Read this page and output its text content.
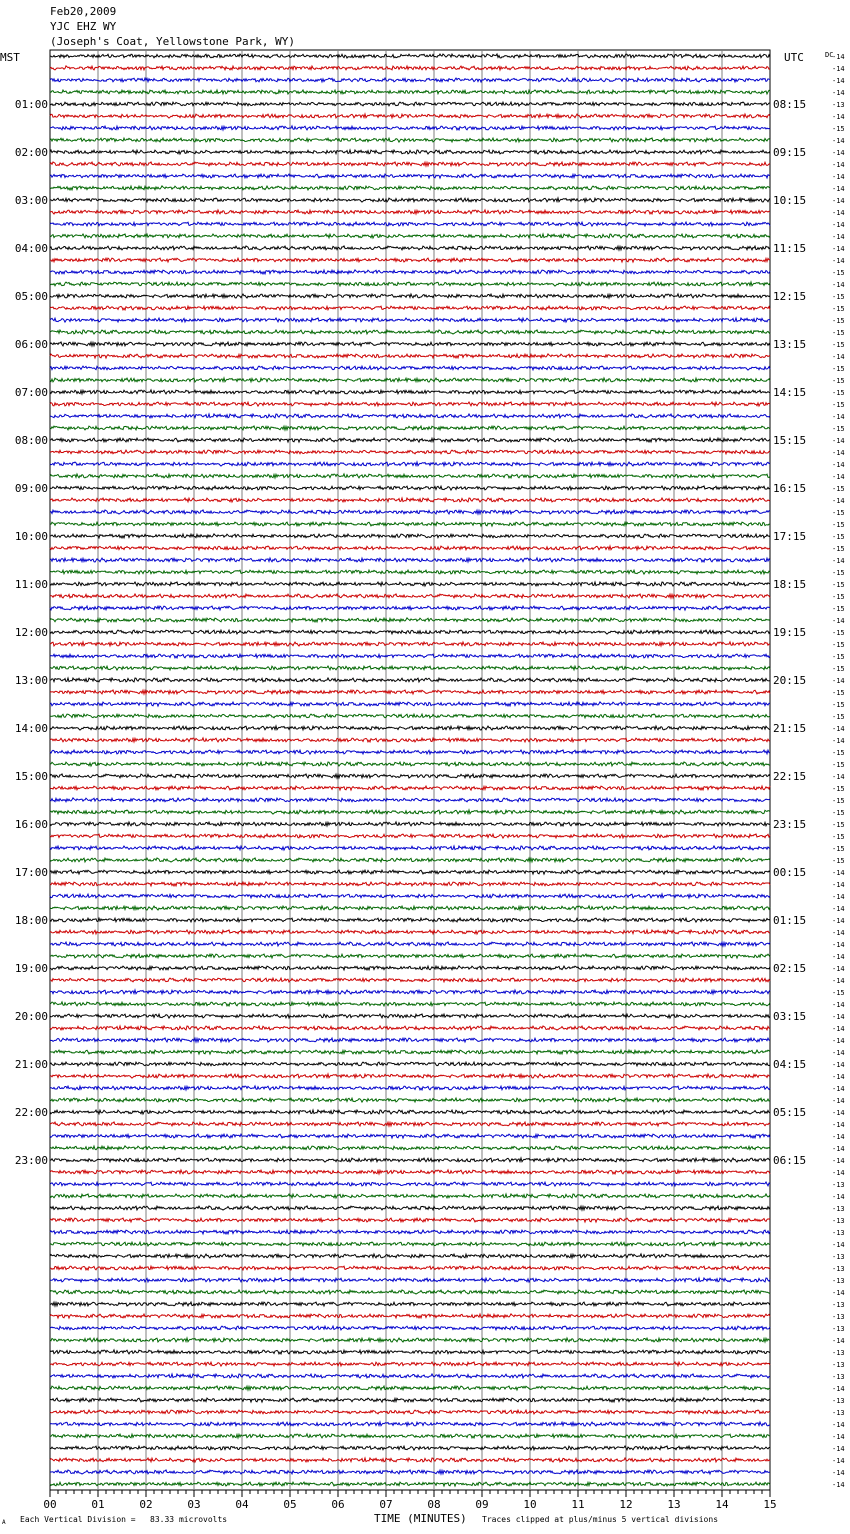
Feb20,2009
YJC EHZ WY
(Joseph's Coat, Yellowstone Park, WY)
01:00
02:00
03:00
04:00
05:00
06:00
07:00
08:00
09:00
10:00
11:00
12:00
13:00
14:00
15:00
16:00
17:00
18:00
19:00
20:00
21:00
22:00
23:00
08:15
09:15
10:15
11:15
12:15
13:15
14:15
15:15
16:15
17:15
18:15
19:15
20:15
21:15
22:15
23:15
00:15
01:15
02:15
03:15
04:15
05:15
06:15
-14
-14
-14
-14
-13
-14
-15
-14
-14
-14
-14
-14
-14
-14
-14
-14
-14
-14
-15
-14
-15
-15
-15
-15
-15
-14
-15
-15
-15
-15
-14
-15
-14
-14
-14
-14
-15
-14
-15
-15
-15
-15
-14
-15
-15
-15
-15
-14
-15
-15
-15
-15
-14
-15
-15
-15
-14
-14
-15
-15
-14
-15
-15
-15
-15
-15
-15
-15
-14
-14
-14
-14
-14
-14
-14
-14
-14
-14
-15
-14
-14
-14
-14
-14
-14
-14
-14
-14
-14
-14
-14
-14
-14
-14
-13
-14
-13
-13
-13
-14
-13
-13
-13
-14
-13
-13
-13
-14
-13
-13
-13
-14
-13
-13
-14
-14
-14
-14
-14
-14
00	01	02	03	04	05	06	07	08	09	10	11	12	13	14	15
MST	UTC	DC
A Each Vertical Division =   83.33 microvolts	TIME (MINUTES) Traces clipped at plus/minus 5 vertical divisions
